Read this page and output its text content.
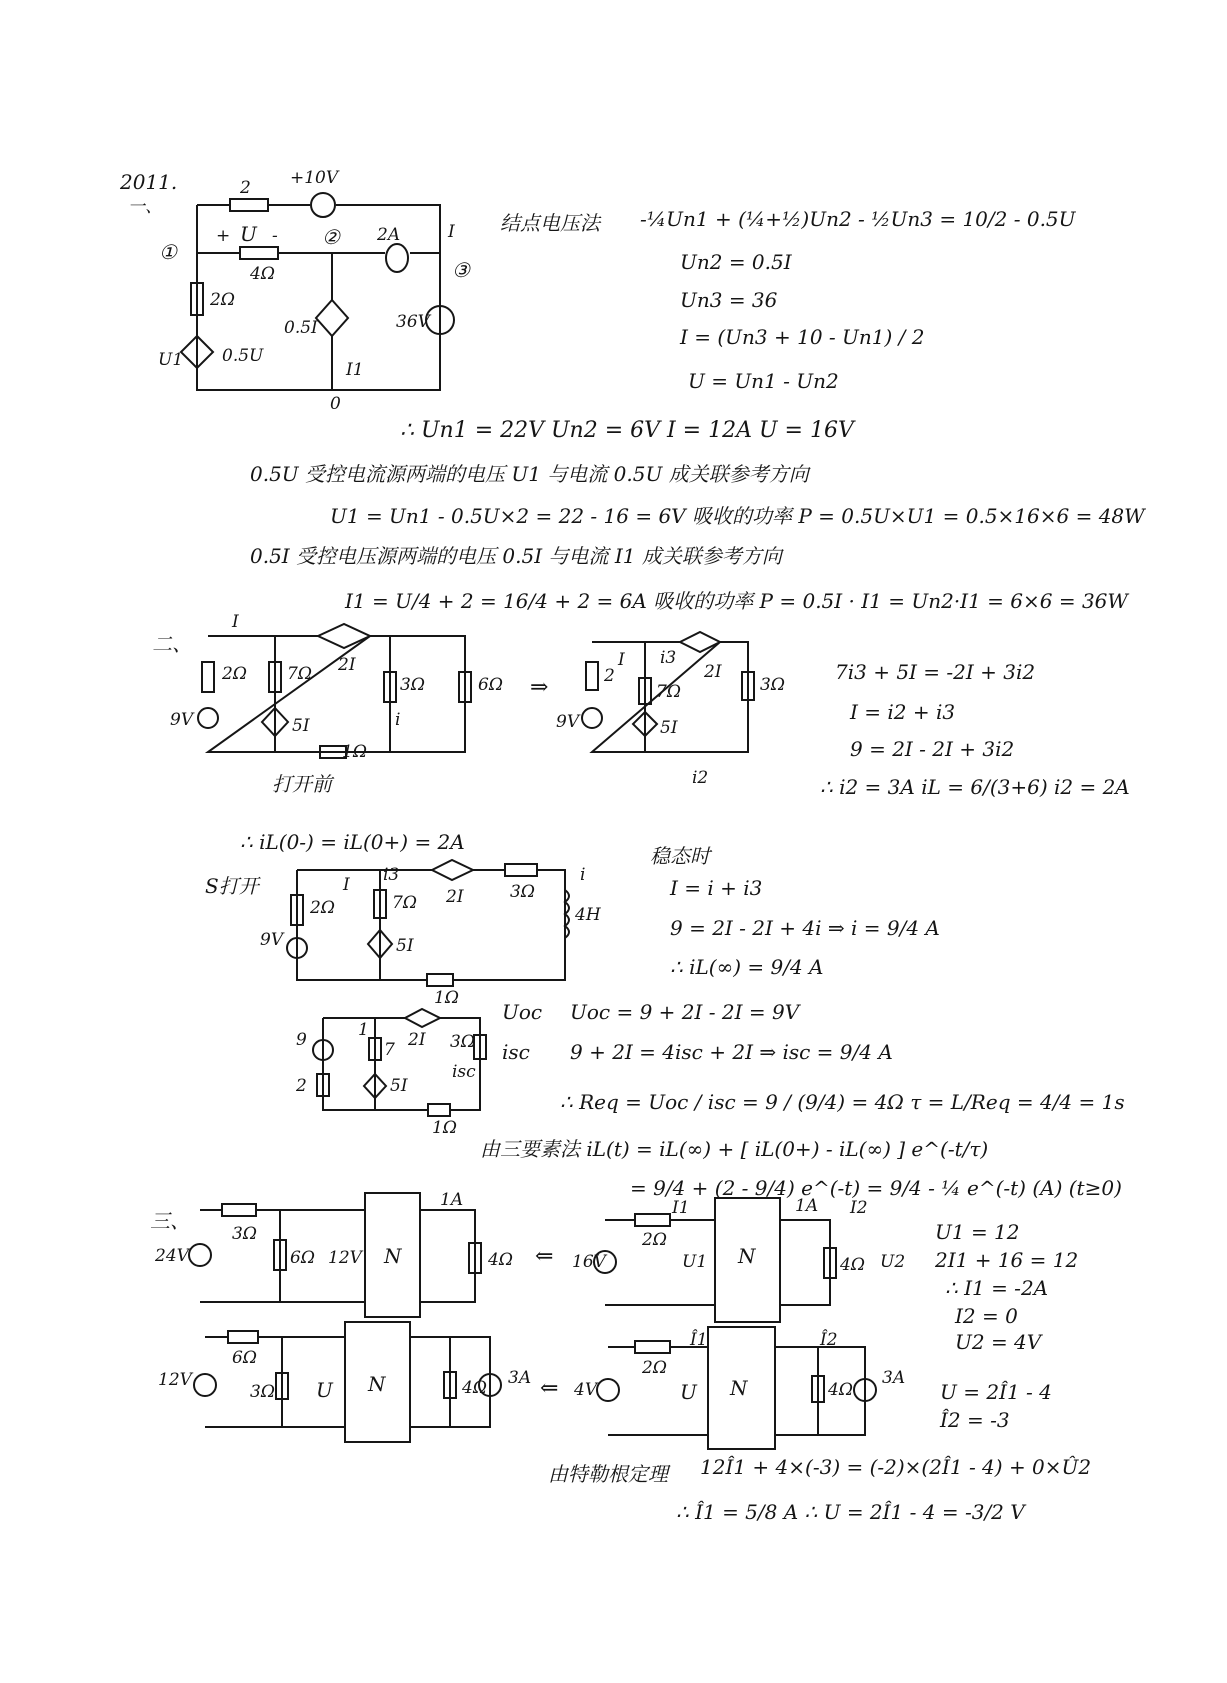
2011.
一、
2 +10V
①
+ U - ② 2A	I
③
4Ω
2Ω
0.5I	36V
U1 0.5U
I1
0
结点电压法 -¼Un1 + (¼+½)Un2 - ½Un3 = 10/2 - 0.5U
Un2 = 0.5I
Un3 = 36
I = (Un3 + 10 - Un1) / 2
U = Un1 - Un2
∴ Un1 = 22V Un2 = 6V I = 12A U = 16V
0.5U 受控电流源两端的电压 U1 与电流 0.5U 成关联参考方向
U1 = Un1 - 0.5U×2 = 22 - 16 = 6V 吸收的功率 P = 0.5U×U1 = 0.5×16×6 = 48W
0.5I 受控电压源两端的电压 0.5I 与电流 I1 成关联参考方向
I1 = U/4 + 2 = 16/4 + 2 = 6A 吸收的功率 P = 0.5I · I1 = Un2·I1 = 6×6 = 36W
二、
I
2Ω 7Ω 2I
3Ω	6Ω
9V	5I	i
1Ω
打开前
⇒
I i3
2
7Ω
2I
3Ω
9V	5I
i2
7i3 + 5I = -2I + 3i2
I = i2 + i3
9 = 2I - 2I + 3i2
∴ i2 = 3A iL = 6/(3+6) i2 = 2A
∴ iL(0-) = iL(0+) = 2A
S打开	I i3
2Ω	7Ω 2I	3Ω
4H
i
9V	5I
1Ω
稳态时
I = i + i3
9 = 2I - 2I + 4i ⇒ i = 9/4 A
∴ iL(∞) = 9/4 A
9	1
7 2I 3Ω
isc
2	5I
1Ω
Uoc Uoc = 9 + 2I - 2I = 9V
isc 9 + 2I = 4isc + 2I ⇒ isc = 9/4 A
∴ Req = Uoc / isc = 9 / (9/4) = 4Ω τ = L/Req = 4/4 = 1s
由三要素法 iL(t) = iL(∞) + [ iL(0+) - iL(∞) ] e^(-t/τ)
= 9/4 + (2 - 9/4) e^(-t) = 9/4 - ¼ e^(-t) (A) (t≥0)
三、
24V
3Ω
6Ω 12V N
1A
4Ω ⇐
I1
16V
2Ω
U1 N
1A I2
4Ω U2
U1 = 12
2I1 + 16 = 12
∴ I1 = -2A
I2 = 0
U2 = 4V
12V
6Ω
3Ω U N	4Ω 3A ⇐ 4V
2Ω
U N	4Ω
3A
Î1	Î2
U = 2Î1 - 4
Î2 = -3
由特勒根定理 12Î1 + 4×(-3) = (-2)×(2Î1 - 4) + 0×Û2
∴ Î1 = 5/8 A ∴ U = 2Î1 - 4 = -3/2 V
